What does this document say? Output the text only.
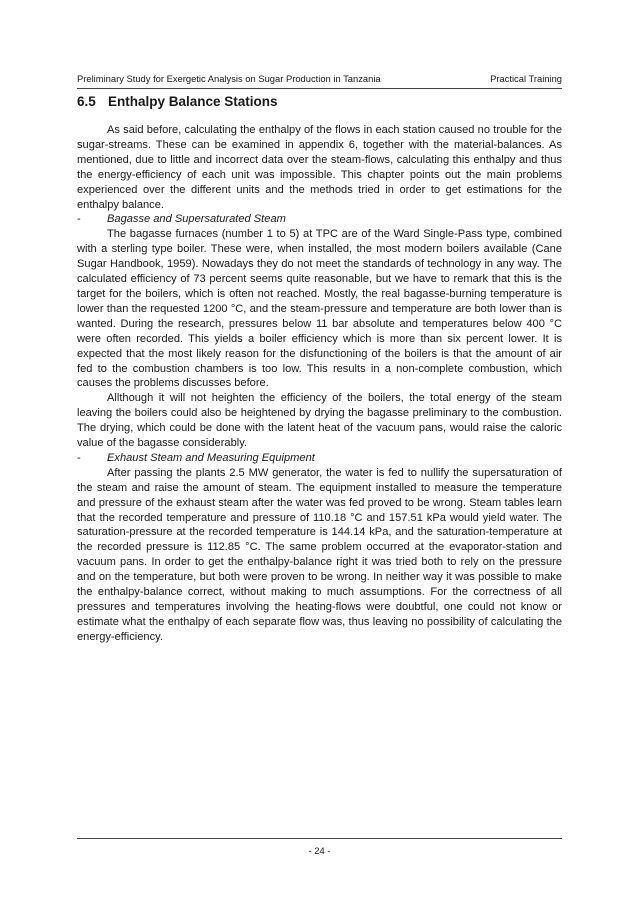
Preliminary Study for Exergetic Analysis on Sugar Production in Tanzania	Practical Training
6.5 Enthalpy Balance Stations

As said before, calculating the enthalpy of the flows in each station caused no trouble for the sugar-streams. These can be examined in appendix 6, together with the material-balances. As mentioned, due to little and incorrect data over the steam-flows, calculating this enthalpy and thus the energy-efficiency of each unit was impossible. This chapter points out the main problems experienced over the different units and the methods tried in order to get estimations for the enthalpy balance.

- Bagasse and Supersaturated Steam

The bagasse furnaces (number 1 to 5) at TPC are of the Ward Single-Pass type, combined with a sterling type boiler. These were, when installed, the most modern boilers available (Cane Sugar Handbook, 1959). Nowadays they do not meet the standards of technology in any way. The calculated efficiency of 73 percent seems quite reasonable, but we have to remark that this is the target for the boilers, which is often not reached. Mostly, the real bagasse-burning temperature is lower than the requested 1200 °C, and the steam-pressure and temperature are both lower than is wanted. During the research, pressures below 11 bar absolute and temperatures below 400 °C were often recorded. This yields a boiler efficiency which is more than six percent lower. It is expected that the most likely reason for the disfunctioning of the boilers is that the amount of air fed to the combustion chambers is too low. This results in a non-complete combustion, which causes the problems discusses before.

Allthough it will not heighten the efficiency of the boilers, the total energy of the steam leaving the boilers could also be heightened by drying the bagasse preliminary to the combustion. The drying, which could be done with the latent heat of the vacuum pans, would raise the caloric value of the bagasse considerably.

- Exhaust Steam and Measuring Equipment

After passing the plants 2.5 MW generator, the water is fed to nullify the supersaturation of the steam and raise the amount of steam. The equipment installed to measure the temperature and pressure of the exhaust steam after the water was fed proved to be wrong. Steam tables learn that the recorded temperature and pressure of 110.18 °C and 157.51 kPa would yield water. The saturation-pressure at the recorded temperature is 144.14 kPa, and the saturation-temperature at the recorded pressure is 112.85 °C. The same problem occurred at the evaporator-station and vacuum pans. In order to get the enthalpy-balance right it was tried both to rely on the pressure and on the temperature, but both were proven to be wrong. In neither way it was possible to make the enthalpy-balance correct, without making to much assumptions. For the correctness of all pressures and temperatures involving the heating-flows were doubtful, one could not know or estimate what the enthalpy of each separate flow was, thus leaving no possibility of calculating the energy-efficiency.

- 24 -
